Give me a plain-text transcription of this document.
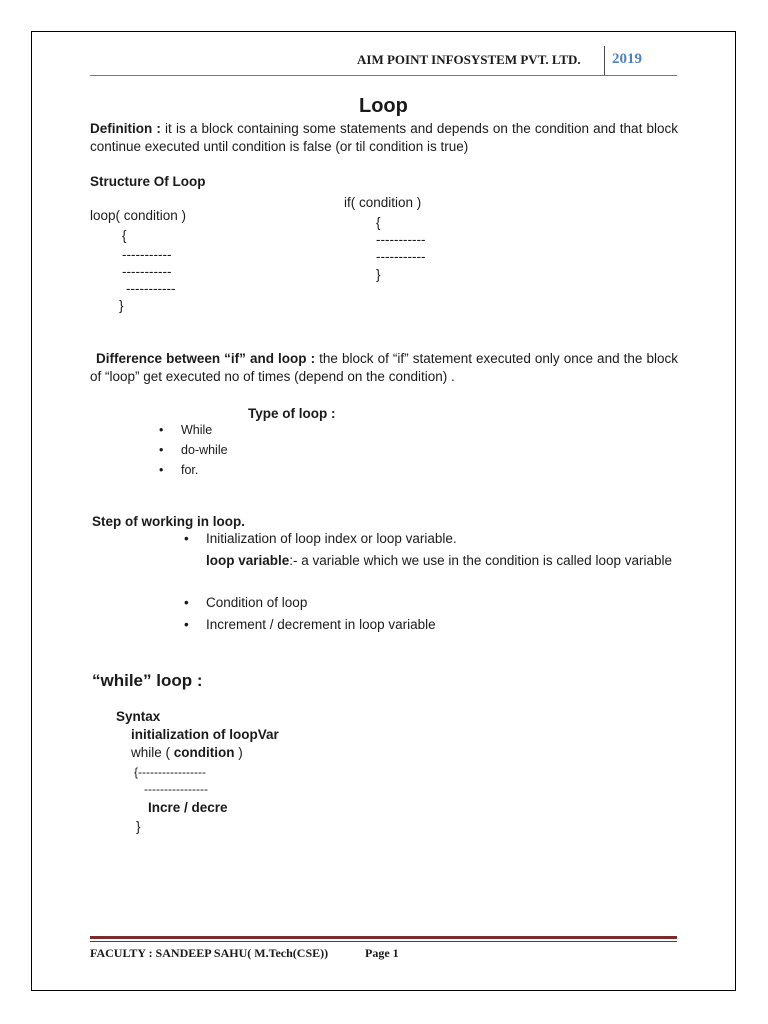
AIM POINT INFOSYSTEM PVT. LTD. 2019
Loop
Definition : it is a block containing some statements and depends on the condition and that block continue executed until condition is false (or til condition is true)
Structure Of Loop
if( condition )
loop( condition )	{
{	-----------
-----------	-----------
-----------	}
-----------
}
Difference between “if” and loop : the block of “if” statement executed only once and the block of “loop” get executed no of times (depend on the condition) .
Type of loop :
• While
• do-while
• for.
Step of working in loop.
• Initialization of loop index or loop variable.
loop variable:- a variable which we use in the condition is called loop variable
• Condition of loop
• Increment / decrement in loop variable
“while” loop :
Syntax
initialization of loopVar
while ( condition )
{-----------------
----------------
Incre / decre
}
FACULTY : SANDEEP SAHU( M.Tech(CSE))	Page 1
